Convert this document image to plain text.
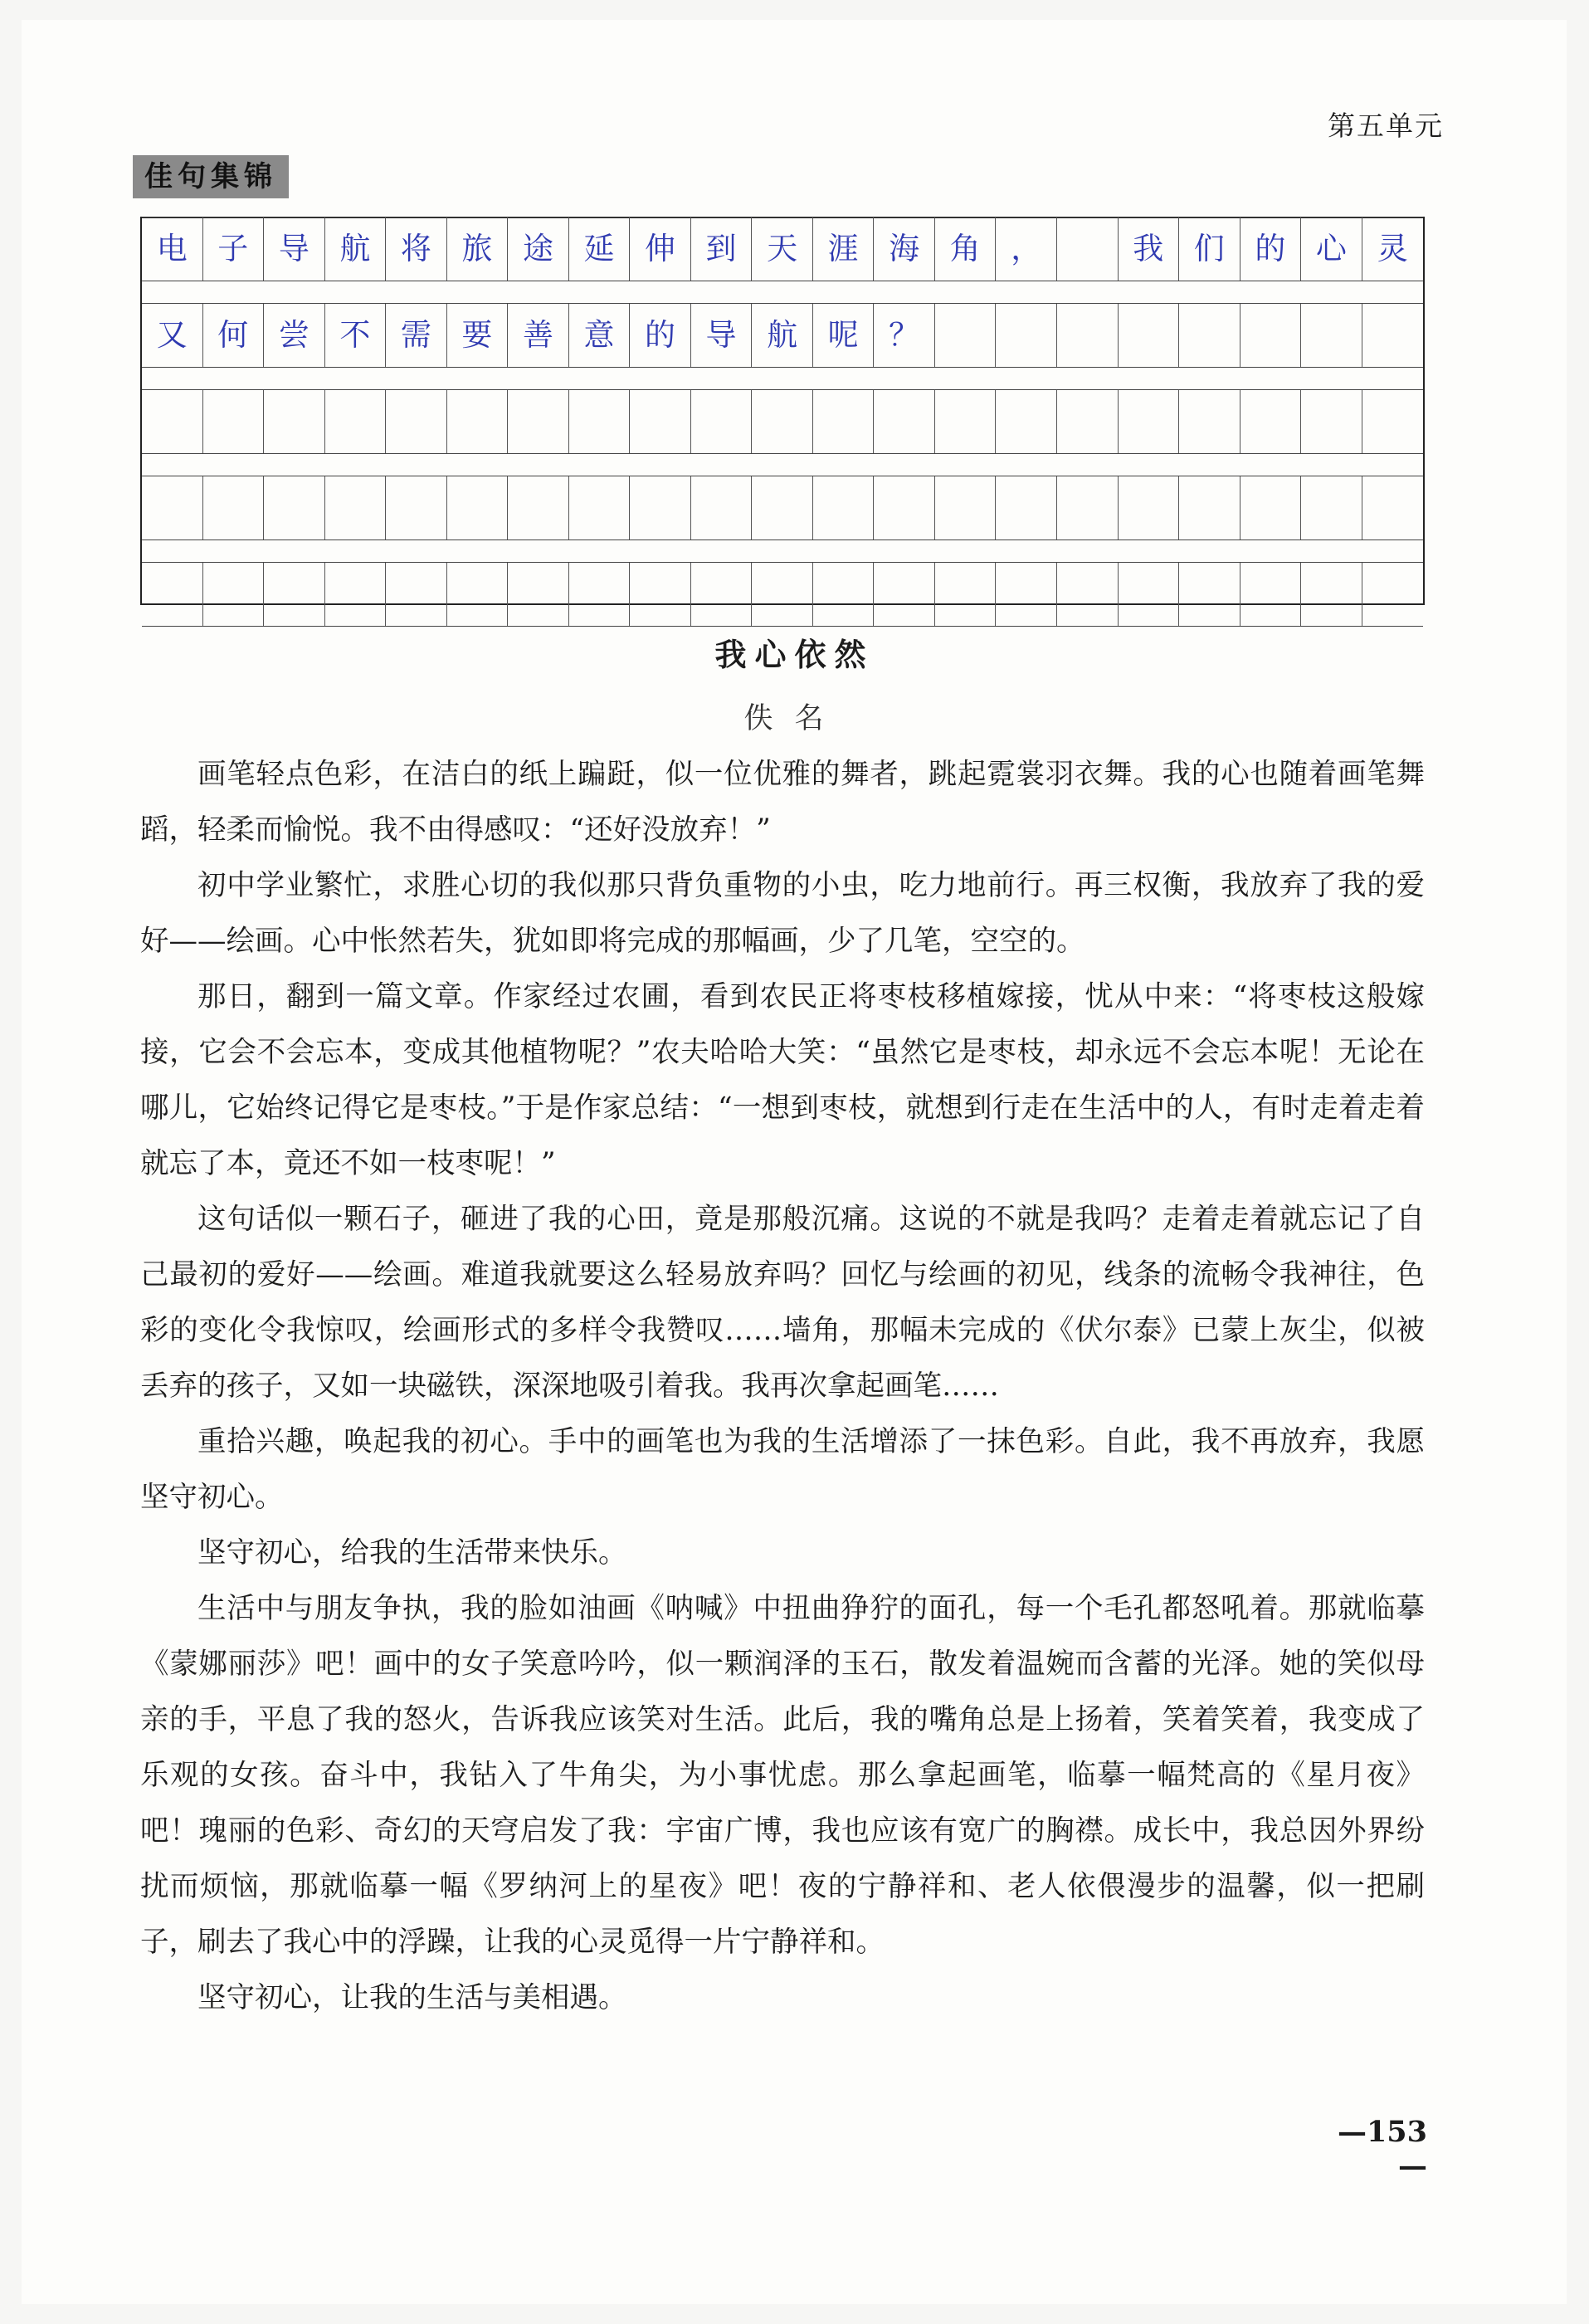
第五单元
佳句集锦
电 子 导 航 将 旅 途 延 伸 到 天 涯 海 角 ，	我 们 的 心	灵
又 何 尝 不 需 要 善 意 的 导 航 呢 ？
我心依然
佚名

画笔轻点色彩，在洁白的纸上蹁跹，似一位优雅的舞者，跳起霓裳羽衣舞。我的心也随着画笔舞蹈，轻柔而愉悦。我不由得感叹：“还好没放弃！”

初中学业繁忙，求胜心切的我似那只背负重物的小虫，吃力地前行。再三权衡，我放弃了我的爱好——绘画。心中怅然若失，犹如即将完成的那幅画，少了几笔，空空的。

那日，翻到一篇文章。作家经过农圃，看到农民正将枣枝移植嫁接，忧从中来：“将枣枝这般嫁接，它会不会忘本，变成其他植物呢？”农夫哈哈大笑：“虽然它是枣枝，却永远不会忘本呢！无论在哪儿，它始终记得它是枣枝。”于是作家总结：“一想到枣枝，就想到行走在生活中的人，有时走着走着就忘了本，竟还不如一枝枣呢！”

这句话似一颗石子，砸进了我的心田，竟是那般沉痛。这说的不就是我吗？走着走着就忘记了自己最初的爱好——绘画。难道我就要这么轻易放弃吗？回忆与绘画的初见，线条的流畅令我神往，色彩的变化令我惊叹，绘画形式的多样令我赞叹……墙角，那幅未完成的《伏尔泰》已蒙上灰尘，似被丢弃的孩子，又如一块磁铁，深深地吸引着我。我再次拿起画笔……

重拾兴趣，唤起我的初心。手中的画笔也为我的生活增添了一抹色彩。自此，我不再放弃，我愿坚守初心。

坚守初心，给我的生活带来快乐。

生活中与朋友争执，我的脸如油画《呐喊》中扭曲狰狞的面孔，每一个毛孔都怒吼着。那就临摹《蒙娜丽莎》吧！画中的女子笑意吟吟，似一颗润泽的玉石，散发着温婉而含蓄的光泽。她的笑似母亲的手，平息了我的怒火，告诉我应该笑对生活。此后，我的嘴角总是上扬着，笑着笑着，我变成了乐观的女孩。奋斗中，我钻入了牛角尖，为小事忧虑。那么拿起画笔，临摹一幅梵高的《星月夜》吧！瑰丽的色彩、奇幻的天穹启发了我：宇宙广博，我也应该有宽广的胸襟。成长中，我总因外界纷扰而烦恼，那就临摹一幅《罗纳河上的星夜》吧！夜的宁静祥和、老人依偎漫步的温馨，似一把刷子，刷去了我心中的浮躁，让我的心灵觅得一片宁静祥和。

坚守初心，让我的生活与美相遇。

—153—
